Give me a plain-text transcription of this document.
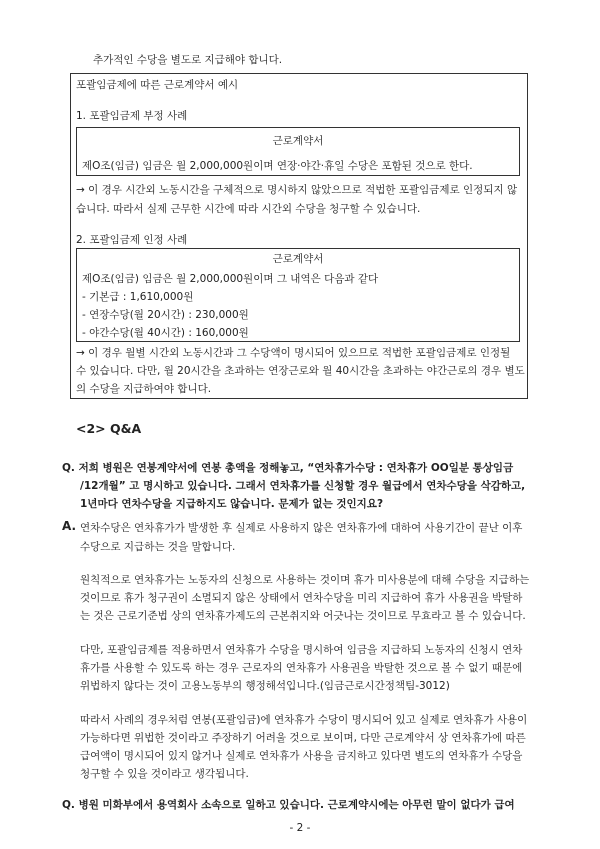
추가적인 수당을 별도로 지급해야 합니다.
포괄임금제에 따른 근로계약서 예시
1. 포괄임금제 부정 사례
근로계약서
제O조(임금) 임금은 월 2,000,000원이며 연장·야간·휴일 수당은 포함된 것으로 한다.
→ 이 경우 시간외 노동시간을 구체적으로 명시하지 않았으므로 적법한 포괄임금제로 인정되지 않
습니다. 따라서 실제 근무한 시간에 따라 시간외 수당을 청구할 수 있습니다.
2. 포괄임금제 인정 사례
근로계약서
제O조(임금) 임금은 월 2,000,000원이며 그 내역은 다음과 같다
- 기본급 : 1,610,000원
- 연장수당(월 20시간) : 230,000원
- 야간수당(월 40시간) : 160,000원
→ 이 경우 월별 시간외 노동시간과 그 수당액이 명시되어 있으므로 적법한 포괄임금제로 인정될
수 있습니다. 다만, 월 20시간을 초과하는 연장근로와 월 40시간을 초과하는 야간근로의 경우 별도
의 수당을 지급하여야 합니다.
<2> Q&A
Q. 저희 병원은 연봉계약서에 연봉 총액을 정해놓고, “연차휴가수당 : 연차휴가 OO일분 통상임금
/12개월” 고 명시하고 있습니다. 그래서 연차휴가를 신청할 경우 월급에서 연차수당을 삭감하고,
1년마다 연차수당을 지급하지도 않습니다. 문제가 없는 것인지요?
A. 연차수당은 연차휴가가 발생한 후 실제로 사용하지 않은 연차휴가에 대하여 사용기간이 끝난 이후
수당으로 지급하는 것을 말합니다.
원칙적으로 연차휴가는 노동자의 신청으로 사용하는 것이며 휴가 미사용분에 대해 수당을 지급하는
것이므로 휴가 청구권이 소멸되지 않은 상태에서 연차수당을 미리 지급하여 휴가 사용권을 박탈하
는 것은 근로기준법 상의 연차휴가제도의 근본취지와 어긋나는 것이므로 무효라고 볼 수 있습니다.
다만, 포괄임금제를 적용하면서 연차휴가 수당을 명시하여 임금을 지급하되 노동자의 신청시 연차
휴가를 사용할 수 있도록 하는 경우 근로자의 연차휴가 사용권을 박탈한 것으로 볼 수 없기 때문에
위법하지 않다는 것이 고용노동부의 행정해석입니다.(임금근로시간정책팀-3012)
따라서 사례의 경우처럼 연봉(포괄임금)에 연차휴가 수당이 명시되어 있고 실제로 연차휴가 사용이
가능하다면 위법한 것이라고 주장하기 어려울 것으로 보이며, 다만 근로계약서 상 연차휴가에 따른
급여액이 명시되어 있지 않거나 실제로 연차휴가 사용을 금지하고 있다면 별도의 연차휴가 수당을
청구할 수 있을 것이라고 생각됩니다.
Q. 병원 미화부에서 용역회사 소속으로 일하고 있습니다. 근로계약시에는 아무런 말이 없다가 급여
- 2 -
